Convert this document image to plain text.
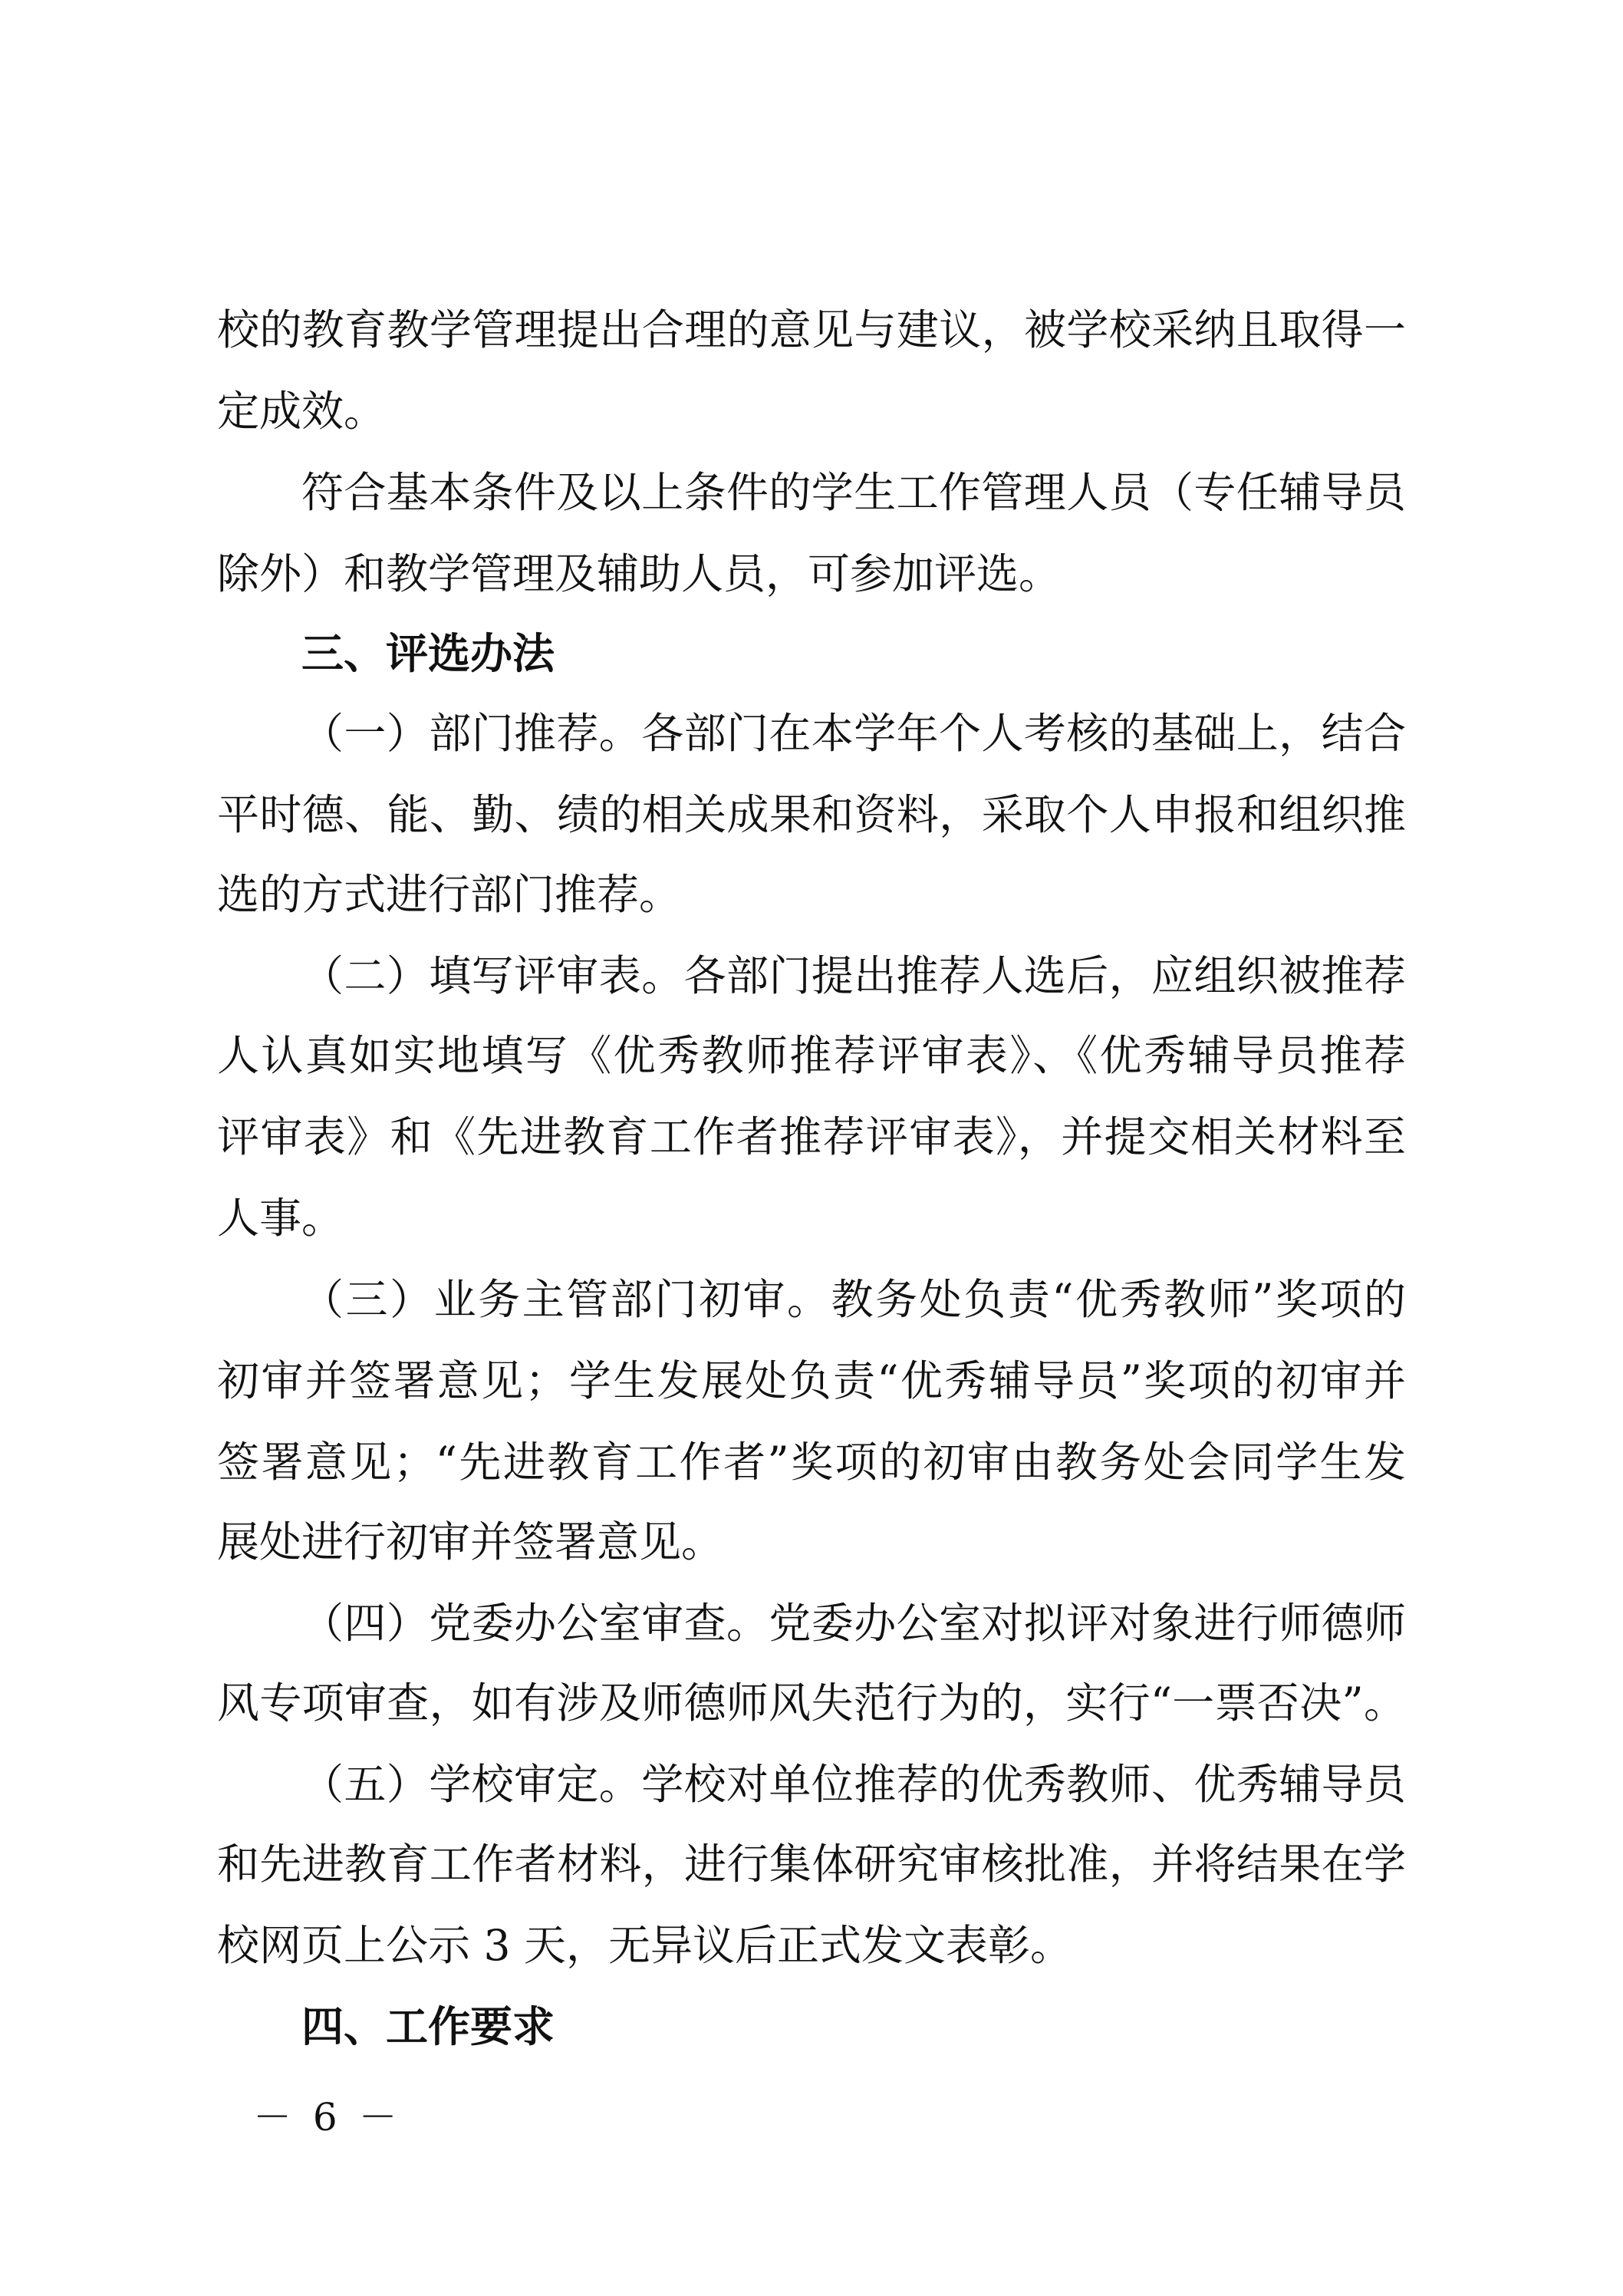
校的教育教学管理提出合理的意见与建议，被学校采纳且取得一
定成效。
符合基本条件及以上条件的学生工作管理人员（专任辅导员
除外）和教学管理及辅助人员，可参加评选。
三、评选办法
（一）部门推荐。各部门在本学年个人考核的基础上，结合
平时德、能、勤、绩的相关成果和资料，采取个人申报和组织推
选的方式进行部门推荐。
（二）填写评审表。各部门提出推荐人选后，应组织被推荐
人认真如实地填写《优秀教师推荐评审表》、《优秀辅导员推荐
评审表》和《先进教育工作者推荐评审表》，并提交相关材料至
人事。
（三）业务主管部门初审。教务处负责“优秀教师”奖项的
初审并签署意见；学生发展处负责“优秀辅导员”奖项的初审并
签署意见；“先进教育工作者”奖项的初审由教务处会同学生发
展处进行初审并签署意见。
（四）党委办公室审查。党委办公室对拟评对象进行师德师
风专项审查，如有涉及师德师风失范行为的，实行“一票否决”。
（五）学校审定。学校对单位推荐的优秀教师、优秀辅导员
和先进教育工作者材料，进行集体研究审核批准，并将结果在学
校网页上公示 3 天，无异议后正式发文表彰。
四、工作要求
－ 6 －
